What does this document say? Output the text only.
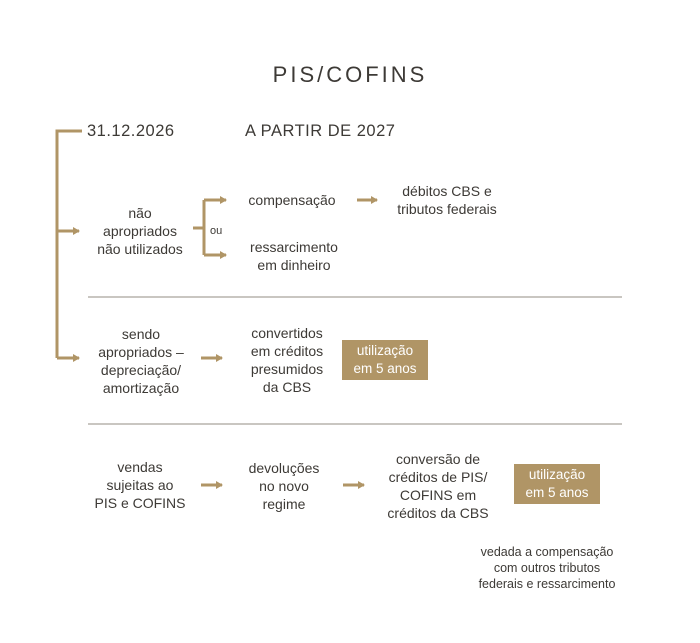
PIS/COFINS
31.12.2026	A PARTIR DE 2027
não
apropriados
não utilizados
ou
compensação
débitos CBS e
tributos federais
ressarcimento
em dinheiro
sendo
apropriados –
depreciação/
amortização
convertidos
em créditos
presumidos
da CBS
utilização
em 5 anos
vendas
sujeitas ao
PIS e COFINS
devoluções
no novo
regime
conversão de
créditos de PIS/
COFINS em
créditos da CBS
utilização
em 5 anos
vedada a compensação
com outros tributos
federais e ressarcimento
